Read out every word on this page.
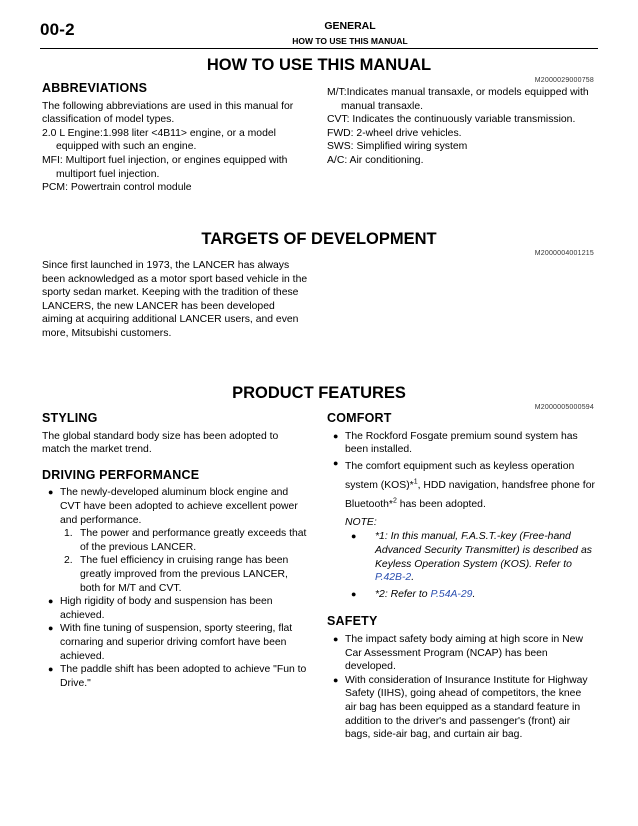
00-2	GENERAL
HOW TO USE THIS MANUAL
HOW TO USE THIS MANUAL
M2000029000758
ABBREVIATIONS

The following abbreviations are used in this manual for classification of model types.

2.0 L Engine:1.998 liter <4B11> engine, or a model equipped with such an engine.

MFI: Multiport fuel injection, or engines equipped with multiport fuel injection.

PCM: Powertrain control module

M/T:Indicates manual transaxle, or models equipped with manual transaxle.

CVT: Indicates the continuously variable transmission.

FWD: 2-wheel drive vehicles.

SWS: Simplified wiring system

A/C: Air conditioning.

TARGETS OF DEVELOPMENT
M2000004001215
Since first launched in 1973, the LANCER has always been acknowledged as a motor sport based vehicle in the sporty sedan market. Keeping with the tradition of these LANCERS, the new LANCER has been developed aiming at acquiring additional LANCER users, and even more, Mitsubishi customers.
PRODUCT FEATURES
M2000005000594
STYLING

The global standard body size has been adopted to match the market trend.

DRIVING PERFORMANCE
● The newly-developed aluminum block engine and CVT have been adopted to achieve excellent power and performance.
1. The power and performance greatly exceeds that of the previous LANCER.
2. The fuel efficiency in cruising range has been greatly improved from the previous LANCER, both for M/T and CVT.
● High rigidity of body and suspension has been achieved.
● With fine tuning of suspension, sporty steering, flat cornaring and superior driving comfort have been achieved.
● The paddle shift has been adopted to achieve "Fun to Drive."
COMFORT
● The Rockford Fosgate premium sound system has been installed.
● The comfort equipment such as keyless operation system (KOS)*$^1$, HDD navigation, handsfree phone for Bluetooth*$^2$ has been adopted.
NOTE:
● *1: In this manual, F.A.S.T.-key (Free-hand Advanced Security Transmitter) is described as Keyless Operation System (KOS). Refer to P.42B-2.
● *2: Refer to P.54A-29.
SAFETY
● The impact safety body aiming at high score in New Car Assessment Program (NCAP) has been developed.
● With consideration of Insurance Institute for Highway Safety (IIHS), going ahead of competitors, the knee air bag has been equipped as a standard feature in addition to the driver's and passenger's (front) air bags, side-air bag, and curtain air bag.
